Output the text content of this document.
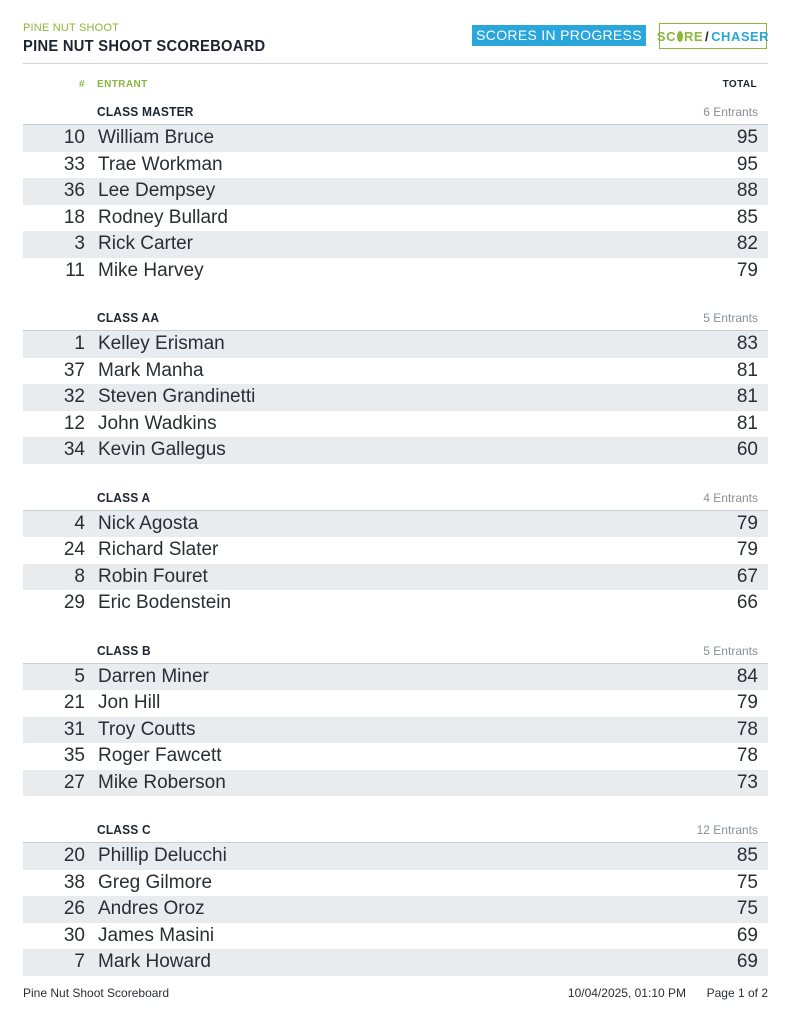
PINE NUT SHOOT
PINE NUT SHOOT SCOREBOARD
SCORES IN PROGRESS	SC RE / CHASER
# ENTRANT	TOTAL
CLASS MASTER	6 Entrants
10 William Bruce	95
33 Trae Workman	95
36 Lee Dempsey	88
18 Rodney Bullard	85
3 Rick Carter	82
11 Mike Harvey	79
CLASS AA	5 Entrants
1 Kelley Erisman	83
37 Mark Manha	81
32 Steven Grandinetti	81
12 John Wadkins	81
34 Kevin Gallegus	60
CLASS A	4 Entrants
4 Nick Agosta	79
24 Richard Slater	79
8 Robin Fouret	67
29 Eric Bodenstein	66
CLASS B	5 Entrants
5 Darren Miner	84
21 Jon Hill	79
31 Troy Coutts	78
35 Roger Fawcett	78
27 Mike Roberson	73
CLASS C	12 Entrants
20 Phillip Delucchi	85
38 Greg Gilmore	75
26 Andres Oroz	75
30 James Masini	69
7 Mark Howard	69
Pine Nut Shoot Scoreboard	10/04/2025, 01:10 PM Page 1 of 2
